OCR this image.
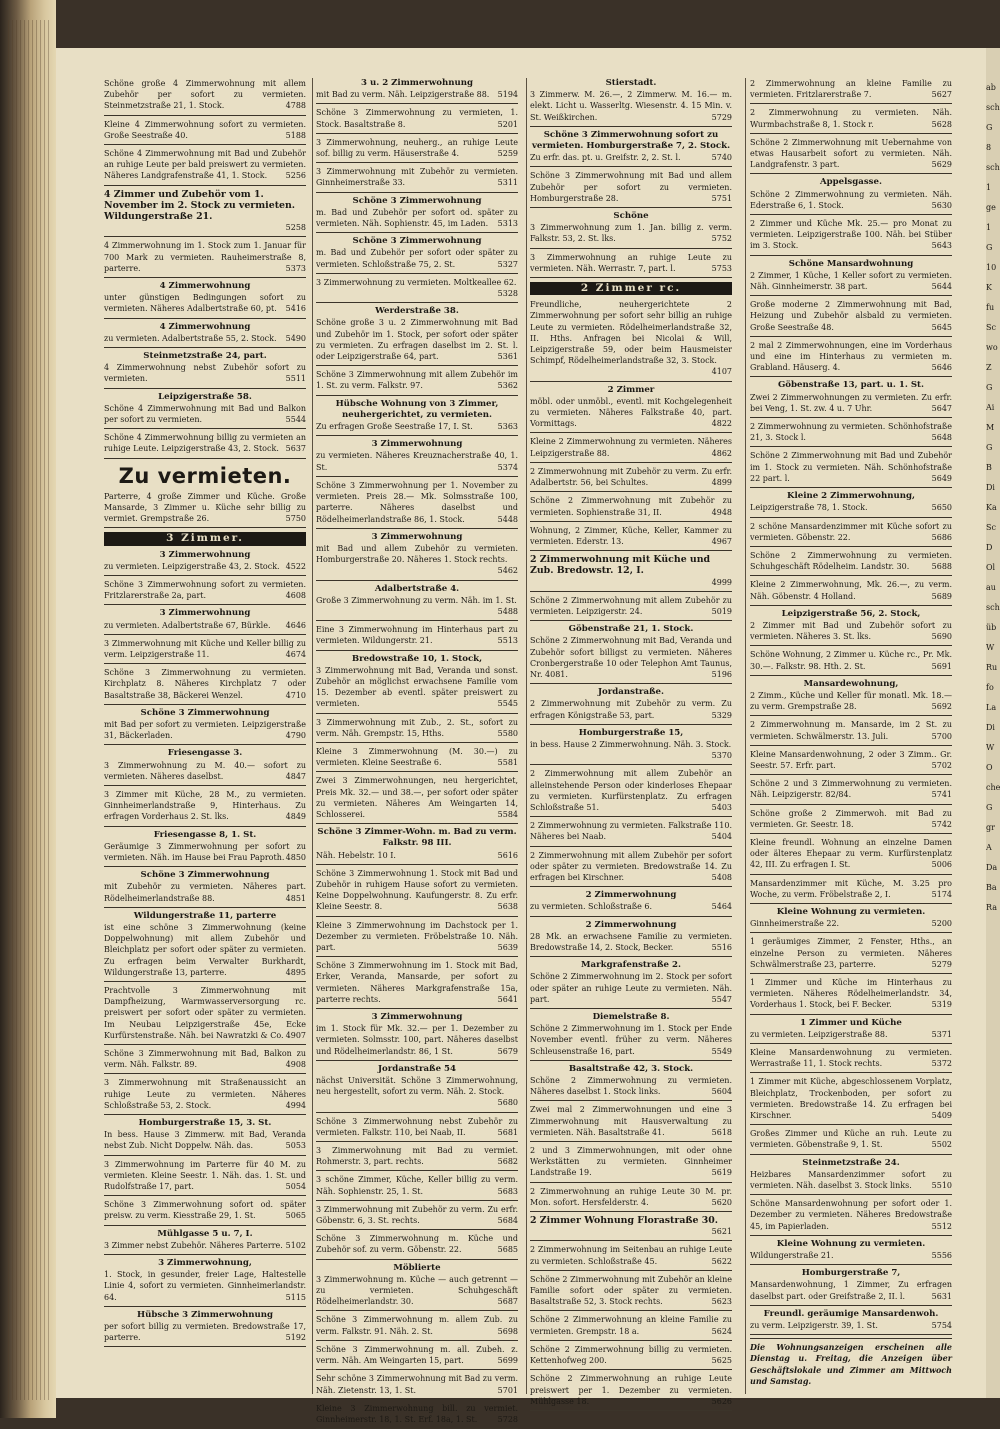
Schöne große 4 Zimmerwohnung mit allem Zubehör per sofort zu vermieten. Steinmetzstraße 21, 1. Stock.	4788
Kleine 4 Zimmerwohnung sofort zu vermieten. Große Seestraße 40.	5188
Schöne 4 Zimmerwohnung mit Bad und Zubehör an ruhige Leute per bald preiswert zu vermieten. Näheres Landgrafenstraße 41, 1. Stock. 5256
4 Zimmer und Zubehör vom 1. November im 2. Stock zu vermieten. Wildungerstraße 21.
5258
4 Zimmerwohnung im 1. Stock zum 1. Januar für 700 Mark zu vermieten. Rauheimerstraße 8, parterre.	5373
4 Zimmerwohnung
unter günstigen Bedingungen sofort zu vermieten. Näheres Adalbertstraße 60, pt. 5416
4 Zimmerwohnung
zu vermieten. Adalbertstraße 55, 2. Stock. 5490
Steinmetzstraße 24, part.
4 Zimmerwohnung nebst Zubehör sofort zu vermieten.	5511
Leipzigerstraße 58.
Schöne 4 Zimmerwohnung mit Bad und Balkon per sofort zu vermieten.	5544
Schöne 4 Zimmerwohnung billig zu vermieten an ruhige Leute. Leipzigerstraße 43, 2. Stock. 5637
Zu vermieten.
Parterre, 4 große Zimmer und Küche. Große Mansarde, 3 Zimmer u. Küche sehr billig zu vermiet. Grempstraße 26.	5750
3 Zimmer.
3 Zimmerwohnung
zu vermieten. Leipzigerstraße 43, 2. Stock. 4522
Schöne 3 Zimmerwohnung sofort zu vermieten. Fritzlarerstraße 2a, part.	4608
3 Zimmerwohnung
zu vermieten. Adalbertstraße 67, Bürkle. 4646
3 Zimmerwohnung mit Küche und Keller billig zu verm. Leipzigerstraße 11.	4674
Schöne 3 Zimmerwohnung zu vermieten. Kirchplatz 8. Näheres Kirchplatz 7 oder Basaltstraße 38, Bäckerei Wenzel.	4710
Schöne 3 Zimmerwohnung
mit Bad per sofort zu vermieten. Leipzigerstraße 31, Bäckerladen.	4790
Friesengasse 3.
3 Zimmerwohnung zu M. 40.— sofort zu vermieten. Näheres daselbst.	4847
3 Zimmer mit Küche, 28 M., zu vermieten. Ginnheimerlandstraße 9, Hinterhaus. Zu erfragen Vorderhaus 2. St. lks.	4849
Friesengasse 8, 1. St.
Geräumige 3 Zimmerwohnung per sofort zu vermieten. Näh. im Hause bei Frau Paproth. 4850
Schöne 3 Zimmerwohnung
mit Zubehör zu vermieten. Näheres part. Rödelheimerlandstraße 88.	4851
Wildungerstraße 11, parterre
ist eine schöne 3 Zimmerwohnung (keine Doppelwohnung) mit allem Zubehör und Bleichplatz per sofort oder später zu vermieten. Zu erfragen beim Verwalter Burkhardt, Wildungerstraße 13, parterre.	4895
Prachtvolle 3 Zimmerwohnung mit Dampfheizung, Warmwasserversorgung rc. preiswert per sofort oder später zu vermieten. Im Neubau Leipzigerstraße 45e, Ecke Kurfürstenstraße. Näh. bei Nawratzki & Co. 4907
Schöne 3 Zimmerwohnung mit Bad, Balkon zu verm. Näh. Falkstr. 89.	4908
3 Zimmerwohnung mit Straßenaussicht an ruhige Leute zu vermieten. Näheres Schloßstraße 53, 2. Stock.	4994
Homburgerstraße 15, 3. St.
In bess. Hause 3 Zimmerw. mit Bad, Veranda nebst Zub. Nicht Doppelw. Näh. das.	5053
3 Zimmerwohnung im Parterre für 40 M. zu vermieten. Kleine Seestr. 1. Näh. das. 1. St. und Rudolfstraße 17, part.	5054
Schöne 3 Zimmerwohnung sofort od. später preisw. zu verm. Kiesstraße 29, 1. St.	5065
Mühlgasse 5 u. 7, I.
3 Zimmer nebst Zubehör. Näheres Parterre. 5102
3 Zimmerwohnung,
1. Stock, in gesunder, freier Lage, Haltestelle Linie 4, sofort zu vermieten. Ginnheimerlandstr. 64.	5115
Hübsche 3 Zimmerwohnung
per sofort billig zu vermieten. Bredowstraße 17, parterre.	5192
3 u. 2 Zimmerwohnung
mit Bad zu verm. Näh. Leipzigerstraße 88. 5194
Schöne 3 Zimmerwohnung zu vermieten, 1. Stock. Basaltstraße 8.	5201
3 Zimmerwohnung, neuherg., an ruhige Leute sof. billig zu verm. Häuserstraße 4.	5259
3 Zimmerwohnung mit Zubehör zu vermieten. Ginnheimerstraße 33.	5311
Schöne 3 Zimmerwohnung
m. Bad und Zubehör per sofort od. später zu vermieten. Näh. Sophienstr. 45, im Laden. 5313
Schöne 3 Zimmerwohnung
m. Bad und Zubehör per sofort oder später zu vermieten. Schloßstraße 75, 2. St.	5327
3 Zimmerwohnung zu vermieten. Moltkeallee 62.
5328
Werderstraße 38.
Schöne große 3 u. 2 Zimmerwohnung mit Bad und Zubehör im 1. Stock, per sofort oder später zu vermieten. Zu erfragen daselbst im 2. St. l. oder Leipzigerstraße 64, part.	5361
Schöne 3 Zimmerwohnung mit allem Zubehör im 1. St. zu verm. Falkstr. 97.	5362
Hübsche Wohnung von 3 Zimmer, neuhergerichtet, zu vermieten.
Zu erfragen Große Seestraße 17, I. St.	5363
3 Zimmerwohnung
zu vermieten. Näheres Kreuznacherstraße 40, 1. St.	5374
Schöne 3 Zimmerwohnung per 1. November zu vermieten. Preis 28.— Mk. Solmsstraße 100, parterre. Näheres daselbst und Rödelheimerlandstraße 86, 1. Stock.	5448
3 Zimmerwohnung
mit Bad und allem Zubehör zu vermieten. Homburgerstraße 20. Näheres 1. Stock rechts.
5462
Adalbertstraße 4.
Große 3 Zimmerwohnung zu verm. Näh. im 1. St.
5488
Eine 3 Zimmerwohnung im Hinterhaus part zu vermieten. Wildungerstr. 21.	5513
Bredowstraße 10, 1. Stock,
3 Zimmerwohnung mit Bad, Veranda und sonst. Zubehör an möglichst erwachsene Familie vom 15. Dezember ab eventl. später preiswert zu vermieten.	5545
3 Zimmerwohnung mit Zub., 2. St., sofort zu verm. Näh. Grempstr. 15, Hths.	5580
Kleine 3 Zimmerwohnung (M. 30.—) zu vermieten. Kleine Seestraße 6.	5581
Zwei 3 Zimmerwohnungen, neu hergerichtet, Preis Mk. 32.— und 38.—, per sofort oder später zu vermieten. Näheres Am Weingarten 14, Schlosserei.	5584
Schöne 3 Zimmer-Wohn. m. Bad zu verm. Falkstr. 98 III.
Näh. Hebelstr. 10 I.	5616
Schöne 3 Zimmerwohnung 1. Stock mit Bad und Zubehör in ruhigem Hause sofort zu vermieten. Keine Doppelwohnung. Kaufungerstr. 8. Zu erfr. Kleine Seestr. 8.	5638
Kleine 3 Zimmerwohnung im Dachstock per 1. Dezember zu vermieten. Fröbelstraße 10. Näh. part.	5639
Schöne 3 Zimmerwohnung im 1. Stock mit Bad, Erker, Veranda, Mansarde, per sofort zu vermieten. Näheres Markgrafenstraße 15a, parterre rechts.	5641
3 Zimmerwohnung
im 1. Stock für Mk. 32.— per 1. Dezember zu vermieten. Solmsstr. 100, part. Näheres daselbst und Rödelheimerlandstr. 86, 1 St.	5679
Jordanstraße 54
nächst Universität. Schöne 3 Zimmerwohnung, neu hergestellt, sofort zu verm. Näh. 2. Stock.
5680
Schöne 3 Zimmerwohnung nebst Zubehör zu vermieten. Falkstr. 110, bei Naab, II.	5681
3 Zimmerwohnung mit Bad zu vermiet. Rohmerstr. 3, part. rechts.	5682
3 schöne Zimmer, Küche, Keller billig zu verm. Näh. Sophienstr. 25, 1. St.	5683
3 Zimmerwohnung mit Zubehör zu verm. Zu erfr. Göbenstr. 6, 3. St. rechts.	5684
Schöne 3 Zimmerwohnung m. Küche und Zubehör sof. zu verm. Göbenstr. 22.	5685
Möblierte
3 Zimmerwohnung m. Küche — auch getrennt — zu vermieten. Schuhgeschäft Rödelheimerlandstr. 30.	5687
Schöne 3 Zimmerwohnung m. allem Zub. zu verm. Falkstr. 91. Näh. 2. St.	5698
Schöne 3 Zimmerwohnung m. all. Zubeh. z. verm. Näh. Am Weingarten 15, part.	5699
Sehr schöne 3 Zimmerwohnung mit Bad zu verm. Näh. Zietenstr. 13, 1. St.	5701
Kleine 3 Zimmerwohnung bill. zu vermiet. Ginnheimerstr. 18, 1. St. Erf. 18a, 1. St.	5728
Stierstadt.
3 Zimmerw. M. 26.—, 2 Zimmerw. M. 16.— m. elekt. Licht u. Wasserltg. Wiesenstr. 4. 15 Min. v. St. Weißkirchen.	5729
Schöne 3 Zimmerwohnung sofort zu vermieten. Homburgerstraße 7, 2. Stock.
Zu erfr. das. pt. u. Greifstr. 2, 2. St. l.	5740
Schöne 3 Zimmerwohnung mit Bad und allem Zubehör per sofort zu vermieten. Homburgerstraße 28.	5751
Schöne
3 Zimmerwohnung zum 1. Jan. billig z. verm. Falkstr. 53, 2. St. lks.	5752
3 Zimmerwohnung an ruhige Leute zu vermieten. Näh. Werrastr. 7, part. l.	5753
2 Zimmer rc.
Freundliche, neuhergerichtete 2 Zimmerwohnung per sofort sehr billig an ruhige Leute zu vermieten. Rödelheimerlandstraße 32, II. Hths. Anfragen bei Nicolai & Will, Leipzigerstraße 59, oder beim Hausmeister Schimpf, Rödelheimerlandstraße 32, 3. Stock.
4107
2 Zimmer
möbl. oder unmöbl., eventl. mit Kochgelegenheit zu vermieten. Näheres Falkstraße 40, part. Vormittags.	4822
Kleine 2 Zimmerwohnung zu vermieten. Näheres Leipzigerstraße 88.	4862
2 Zimmerwohnung mit Zubehör zu verm. Zu erfr. Adalbertstr. 56, bei Schultes.	4899
Schöne 2 Zimmerwohnung mit Zubehör zu vermieten. Sophienstraße 31, II.	4948
Wohnung, 2 Zimmer, Küche, Keller, Kammer zu vermieten. Ederstr. 13.	4967
2 Zimmerwohnung mit Küche und Zub. Bredowstr. 12, I.
4999
Schöne 2 Zimmerwohnung mit allem Zubehör zu vermieten. Leipzigerstr. 24.	5019
Göbenstraße 21, 1. Stock.
Schöne 2 Zimmerwohnung mit Bad, Veranda und Zubehör sofort billigst zu vermieten. Näheres Cronbergerstraße 10 oder Telephon Amt Taunus, Nr. 4081.	5196
Jordanstraße.
2 Zimmerwohnung mit Zubehör zu verm. Zu erfragen Königstraße 53, part.	5329
Homburgerstraße 15,
in bess. Hause 2 Zimmerwohnung. Näh. 3. Stock.
5370
2 Zimmerwohnung mit allem Zubehör an alleinstehende Person oder kinderloses Ehepaar zu vermieten. Kurfürstenplatz. Zu erfragen Schloßstraße 51.	5403
2 Zimmerwohnung zu vermieten. Falkstraße 110. Näheres bei Naab.	5404
2 Zimmerwohnung mit allem Zubehör per sofort oder später zu vermieten. Bredowstraße 14. Zu erfragen bei Kirschner.	5408
2 Zimmerwohnung
zu vermieten. Schloßstraße 6.	5464
2 Zimmerwohnung
28 Mk. an erwachsene Familie zu vermieten. Bredowstraße 14, 2. Stock, Becker.	5516
Markgrafenstraße 2.
Schöne 2 Zimmerwohnung im 2. Stock per sofort oder später an ruhige Leute zu vermieten. Näh. part.	5547
Diemelstraße 8.
Schöne 2 Zimmerwohnung im 1. Stock per Ende November eventl. früher zu verm. Näheres Schleusenstraße 16, part.	5549
Basaltstraße 42, 3. Stock.
Schöne 2 Zimmerwohnung zu vermieten. Näheres daselbst 1. Stock links.	5604
Zwei mal 2 Zimmerwohnungen und eine 3 Zimmerwohnung mit Hausverwaltung zu vermieten. Näh. Basaltstraße 41.	5618
2 und 3 Zimmerwohnungen, mit oder ohne Werkstätten zu vermieten. Ginnheimer Landstraße 19.	5619
2 Zimmerwohnung an ruhige Leute 30 M. pr. Mon. sofort. Hersfelderstr. 4.	5620
2 Zimmer Wohnung Florastraße 30.
5621
2 Zimmerwohnung im Seitenbau an ruhige Leute zu vermieten. Schloßstraße 45.	5622
Schöne 2 Zimmerwohnung mit Zubehör an kleine Familie sofort oder später zu vermieten. Basaltstraße 52, 3. Stock rechts.	5623
Schöne 2 Zimmerwohnung an kleine Familie zu vermieten. Grempstr. 18 a.	5624
Schöne 2 Zimmerwohnung billig zu vermieten. Kettenhofweg 200.	5625
Schöne 2 Zimmerwohnung an ruhige Leute preiswert per 1. Dezember zu vermieten. Mühlgasse 18.	5626
2 Zimmerwohnung an kleine Familie zu vermieten. Fritzlarerstraße 7.	5627
2 Zimmerwohnung zu vermieten. Näh. Wurmbachstraße 8, 1. Stock r.	5628
Schöne 2 Zimmerwohnung mit Uebernahme von etwas Hausarbeit sofort zu vermieten. Näh. Landgrafenstr. 3 part.	5629
Appelsgasse.
Schöne 2 Zimmerwohnung zu vermieten. Näh. Ederstraße 6, 1. Stock.	5630
2 Zimmer und Küche Mk. 25.— pro Monat zu vermieten. Leipzigerstraße 100. Näh. bei Stüber im 3. Stock.	5643
Schöne Mansardwohnung
2 Zimmer, 1 Küche, 1 Keller sofort zu vermieten. Näh. Ginnheimerstr. 38 part.	5644
Große moderne 2 Zimmerwohnung mit Bad, Heizung und Zubehör alsbald zu vermieten. Große Seestraße 48.	5645
2 mal 2 Zimmerwohnungen, eine im Vorderhaus und eine im Hinterhaus zu vermieten m. Grabland. Häuserg. 4.	5646
Göbenstraße 13, part. u. 1. St.
Zwei 2 Zimmerwohnungen zu vermieten. Zu erfr. bei Veng, 1. St. zw. 4 u. 7 Uhr.	5647
2 Zimmerwohnung zu vermieten. Schönhofstraße 21, 3. Stock l.	5648
Schöne 2 Zimmerwohnung mit Bad und Zubehör im 1. Stock zu vermieten. Näh. Schönhofstraße 22 part. l.	5649
Kleine 2 Zimmerwohnung,
Leipzigerstraße 78, 1. Stock.	5650
2 schöne Mansardenzimmer mit Küche sofort zu vermieten. Göbenstr. 22.	5686
Schöne 2 Zimmerwohnung zu vermieten. Schuhgeschäft Rödelheim. Landstr. 30.	5688
Kleine 2 Zimmerwohnung, Mk. 26.—, zu verm. Näh. Göbenstr. 4 Holland.	5689
Leipzigerstraße 56, 2. Stock,
2 Zimmer mit Bad und Zubehör sofort zu vermieten. Näheres 3. St. lks.	5690
Schöne Wohnung, 2 Zimmer u. Küche rc., Pr. Mk. 30.—. Falkstr. 98. Hth. 2. St.	5691
Mansardewohnung,
2 Zimm., Küche und Keller für monatl. Mk. 18.— zu verm. Grempstraße 28.	5692
2 Zimmerwohnung m. Mansarde, im 2 St. zu vermieten. Schwälmerstr. 13. Juli.	5700
Kleine Mansardenwohnung, 2 oder 3 Zimm.. Gr. Seestr. 57. Erfr. part.	5702
Schöne 2 und 3 Zimmerwohnung zu vermieten. Näh. Leipzigerstr. 82/84.	5741
Schöne große 2 Zimmerwoh. mit Bad zu vermieten. Gr. Seestr. 18.	5742
Kleine freundl. Wohnung an einzelne Damen oder älteres Ehepaar zu verm. Kurfürstenplatz 42, III. Zu erfragen I. St.	5006
Mansardenzimmer mit Küche, M. 3.25 pro Woche, zu verm. Fröbelstraße 2, I.	5174
Kleine Wohnung zu vermieten.
Ginnheimerstraße 22.	5200
1 geräumiges Zimmer, 2 Fenster, Hths., an einzelne Person zu vermieten. Näheres Schwälmerstraße 23, parterre.	5279
1 Zimmer und Küche im Hinterhaus zu vermieten. Näheres Rödelheimerlandstr. 34, Vorderhaus 1. Stock, bei F. Becker.	5319
1 Zimmer und Küche
zu vermieten. Leipzigerstraße 88.	5371
Kleine Mansardenwohnung zu vermieten. Werrastraße 11, 1. Stock rechts.	5372
1 Zimmer mit Küche, abgeschlossenem Vorplatz, Bleichplatz, Trockenboden, per sofort zu vermieten. Bredowstraße 14. Zu erfragen bei Kirschner.	5409
Großes Zimmer und Küche an ruh. Leute zu vermieten. Göbenstraße 9, 1. St.	5502
Steinmetzstraße 24.
Heizbares Mansardenzimmer sofort zu vermieten. Näh. daselbst 3. Stock links. 5510
Schöne Mansardenwohnung per sofort oder 1. Dezember zu vermieten. Näheres Bredowstraße 45, im Papierladen.	5512
Kleine Wohnung zu vermieten.
Wildungerstraße 21.	5556
Homburgerstraße 7,
Mansardenwohnung, 1 Zimmer, Zu erfragen daselbst part. oder Greifstraße 2, II. l.	5631
Freundl. geräumige Mansardenwoh.
zu verm. Leipzigerstr. 39, 1. St.	5754
Die Wohnungsanzeigen erscheinen alle Dienstag u. Freitag, die Anzeigen über Geschäftslokale und Zimmer am Mittwoch und Samstag.
ab
sch
G
8
sch
1
ge
1
G
10
K
fu
Sc
wo
Z
G
Ai
M
G
B
Di
Ka
Sc
D
Ol
au
sch
üb
W
Ru
fo
La
Di
W
O
che
G
gr
A
Da
Ba
Ra
